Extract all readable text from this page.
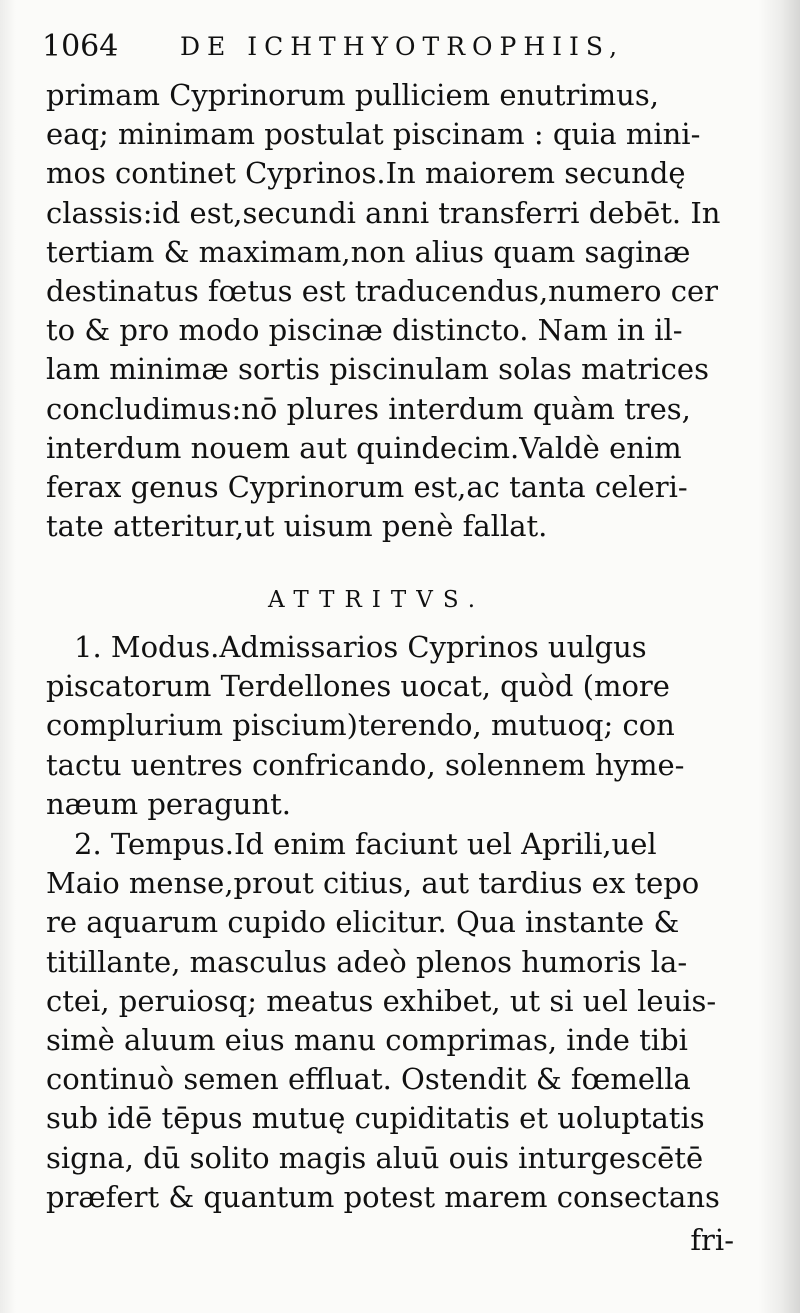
1064 DE ICHTHYOTROPHIIS,
primam Cyprinorum pulliciem enutrimus,
eaq; minimam postulat piscinam : quia mini-
mos continet Cyprinos.In maiorem secundę
classis:id est,secundi anni transferri debēt. In
tertiam & maximam,non alius quam saginæ
destinatus fœtus est traducendus,numero cer
to & pro modo piscinæ distincto. Nam in il-
lam minimæ sortis piscinulam solas matrices
concludimus:nō plures interdum quàm tres,
interdum nouem aut quindecim.Valdè enim
ferax genus Cyprinorum est,ac tanta celeri-
tate atteritur,ut uisum penè fallat.
ATTRITVS.
1. Modus.Admissarios Cyprinos uulgus
piscatorum Terdellones uocat, quòd (more
complurium piscium)terendo, mutuoq; con
tactu uentres confricando, solennem hyme-
næum peragunt.
2. Tempus.Id enim faciunt uel Aprili,uel
Maio mense,prout citius, aut tardius ex tepo
re aquarum cupido elicitur. Qua instante &
titillante, masculus adeò plenos humoris la-
ctei, peruiosq; meatus exhibet, ut si uel leuis-
simè aluum eius manu comprimas, inde tibi
continuò semen effluat. Ostendit & fœmella
sub idē tēpus mutuę cupiditatis et uoluptatis
signa, dū solito magis aluū ouis inturgescētē
præfert & quantum potest marem consectans
fri-
